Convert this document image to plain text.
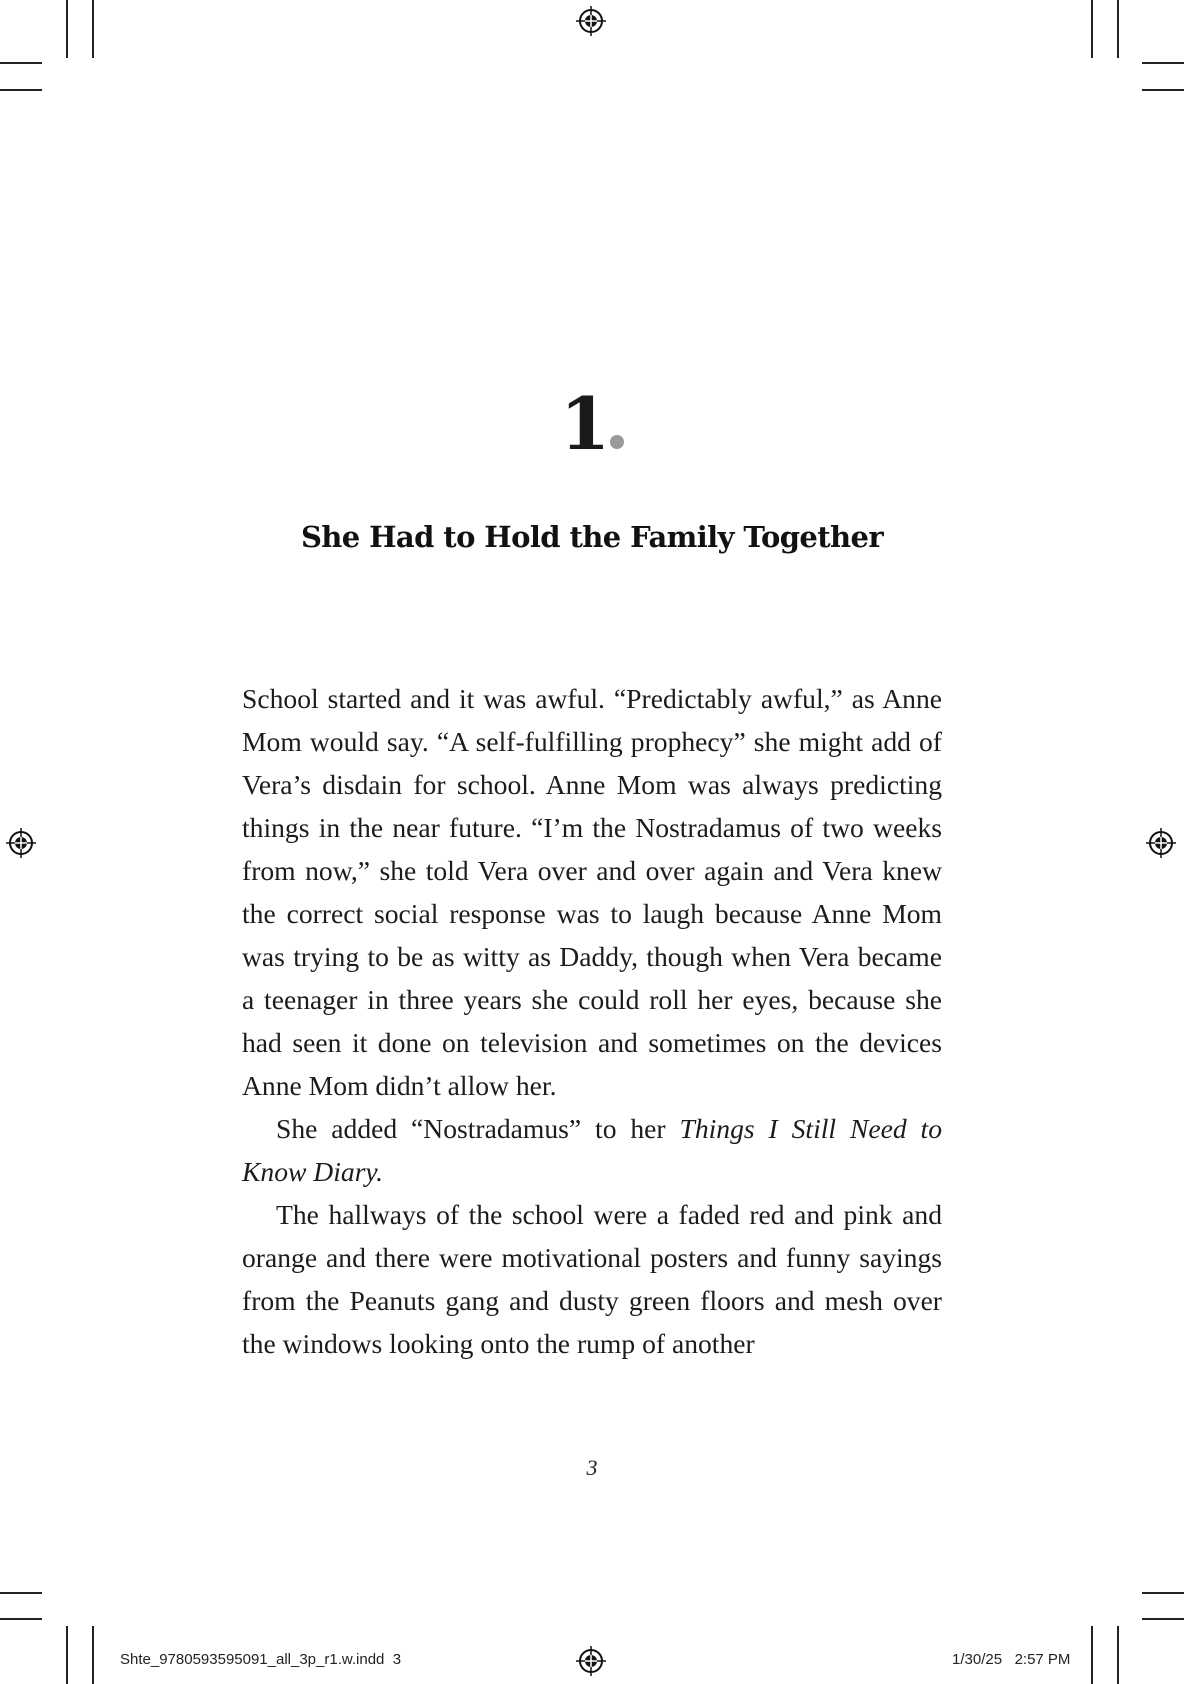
1
She Had to Hold the Family Together

School started and it was awful. “Predictably awful,” as Anne Mom would say. “A self-fulfilling prophecy” she might add of Vera’s disdain for school. Anne Mom was always predicting things in the near future. “I’m the Nostradamus of two weeks from now,” she told Vera over and over again and Vera knew the correct social response was to laugh because Anne Mom was trying to be as witty as Daddy, though when Vera became a teenager in three years she could roll her eyes, because she had seen it done on television and sometimes on the devices Anne Mom didn’t allow her.

She added “Nostradamus” to her Things I Still Need to Know Diary.

The hallways of the school were a faded red and pink and orange and there were motivational posters and funny sayings from the Peanuts gang and dusty green floors and mesh over the windows looking onto the rump of another

3
Shte_9780593595091_all_3p_r1.w.indd 3	1/30/25 2:57 PM
